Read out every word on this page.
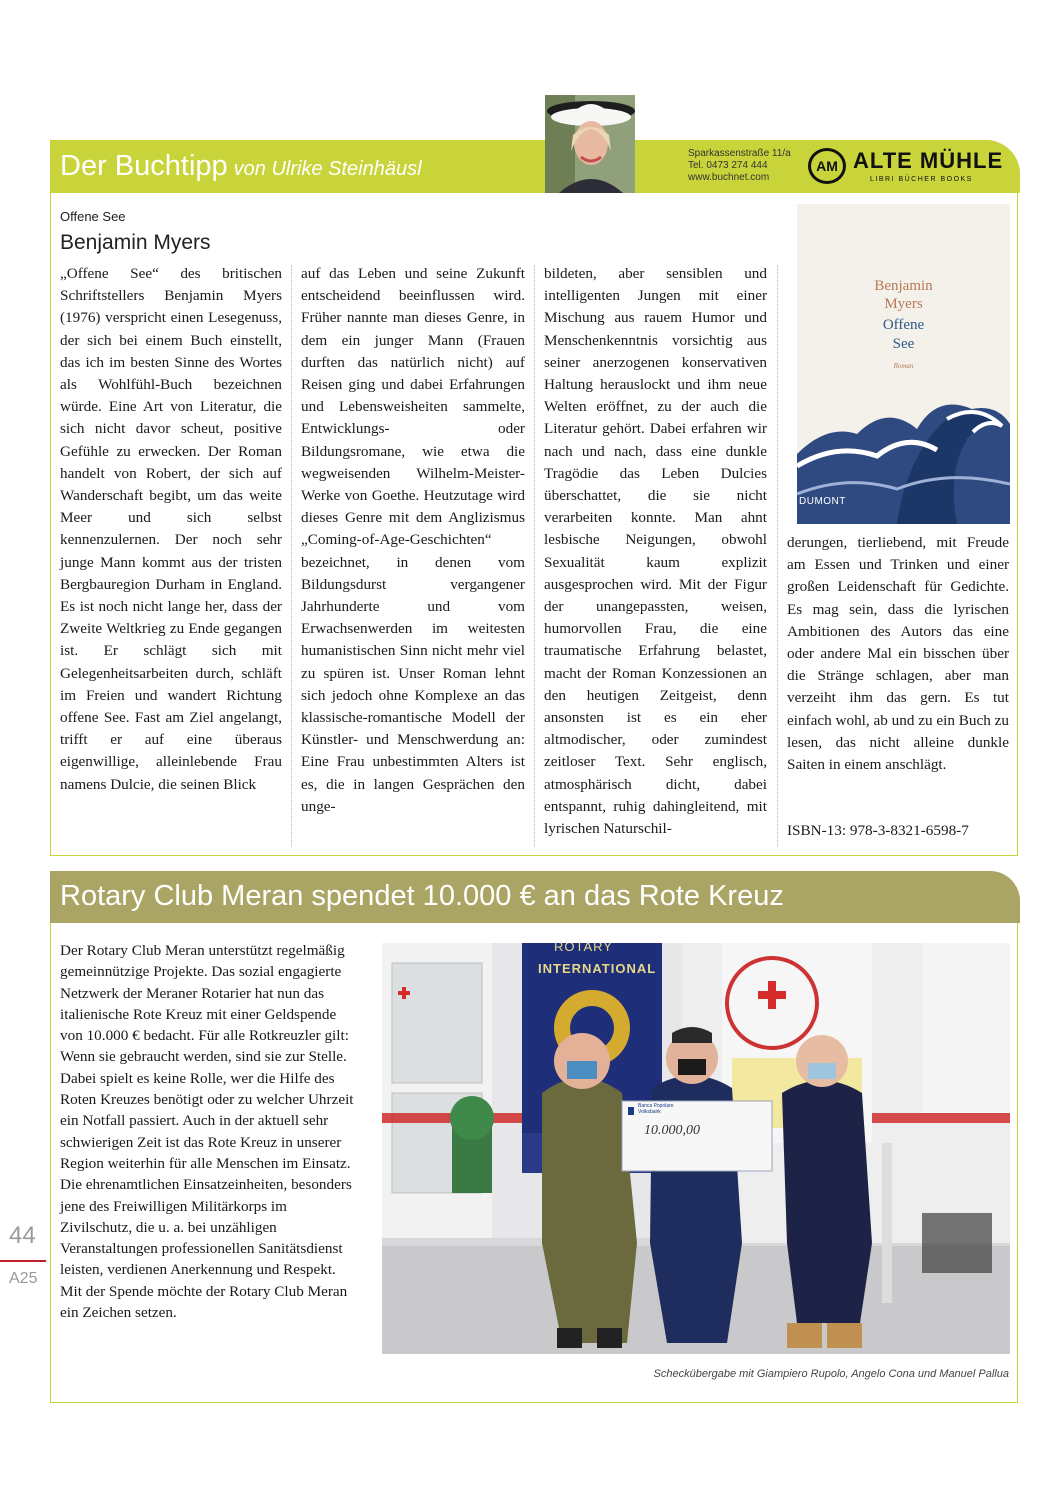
Der Buchtipp von Ulrike Steinhäusl
Sparkassenstraße 11/a
Tel. 0473 274 444
www.buchnet.com
AM ALTE MÜHLE
LIBRI BÜCHER BOOKS
Offene See
Benjamin Myers
„Offene See“ des britischen Schriftstellers Benjamin Myers (1976) verspricht einen Lesegenuss, der sich bei einem Buch einstellt, das ich im besten Sinne des Wortes als Wohlfühl-Buch bezeichnen würde. Eine Art von Literatur, die sich nicht davor scheut, positive Gefühle zu erwecken. Der Roman handelt von Robert, der sich auf Wanderschaft begibt, um das weite Meer und sich selbst kennenzulernen. Der noch sehr junge Mann kommt aus der tristen Bergbauregion Durham in England. Es ist noch nicht lange her, dass der Zweite Weltkrieg zu Ende gegangen ist. Er schlägt sich mit Gelegenheitsarbeiten durch, schläft im Freien und wandert Richtung offene See. Fast am Ziel angelangt, trifft er auf eine überaus eigenwillige, alleinlebende Frau namens Dulcie, die seinen Blick
auf das Leben und seine Zukunft entscheidend beeinflussen wird. Früher nannte man dieses Genre, in dem ein junger Mann (Frauen durften das natürlich nicht) auf Reisen ging und dabei Erfahrungen und Lebensweisheiten sammelte, Entwicklungs- oder Bildungsromane, wie etwa die wegweisenden Wilhelm-Meister-Werke von Goethe. Heutzutage wird dieses Genre mit dem Anglizismus „Coming-of-Age-Geschichten“ bezeichnet, in denen vom Bildungsdurst vergangener Jahrhunderte und vom Erwachsenwerden im weitesten humanistischen Sinn nicht mehr viel zu spüren ist. Unser Roman lehnt sich jedoch ohne Komplexe an das klassische-romantische Modell der Künstler- und Menschwerdung an: Eine Frau unbestimmten Alters ist es, die in langen Gesprächen den unge-
bildeten, aber sensiblen und intelligenten Jungen mit einer Mischung aus rauem Humor und Menschenkenntnis vorsichtig aus seiner anerzogenen konservativen Haltung herauslockt und ihm neue Welten eröffnet, zu der auch die Literatur gehört. Dabei erfahren wir nach und nach, dass eine dunkle Tragödie das Leben Dulcies überschattet, die sie nicht verarbeiten konnte. Man ahnt lesbische Neigungen, obwohl Sexualität kaum explizit ausgesprochen wird. Mit der Figur der unangepassten, weisen, humorvollen Frau, die eine traumatische Erfahrung belastet, macht der Roman Konzessionen an den heutigen Zeitgeist, denn ansonsten ist es ein eher altmodischer, oder zumindest zeitloser Text. Sehr englisch, atmosphärisch dicht, dabei entspannt, ruhig dahingleitend, mit lyrischen Naturschil-
derungen, tierliebend, mit Freude am Essen und Trinken und einer großen Leidenschaft für Gedichte. Es mag sein, dass die lyrischen Ambitionen des Autors das eine oder andere Mal ein bisschen über die Stränge schlagen, aber man verzeiht ihm das gern. Es tut einfach wohl, ab und zu ein Buch zu lesen, das nicht alleine dunkle Saiten in einem anschlägt.
Benjamin
Myers
Offene
See
Roman
DUMONT
ISBN-13: 978-3-8321-6598-7
Rotary Club Meran spendet 10.000 € an das Rote Kreuz
Der Rotary Club Meran unterstützt regelmäßig gemeinnützige Projekte. Das sozial engagierte Netzwerk der Meraner Rotarier hat nun das italienische Rote Kreuz mit einer Geldspende von 10.000 € bedacht. Für alle Rotkreuzler gilt: Wenn sie gebraucht werden, sind sie zur Stelle. Dabei spielt es keine Rolle, wer die Hilfe des Roten Kreuzes benötigt oder zu welcher Uhrzeit ein Notfall passiert. Auch in der aktuell sehr schwierigen Zeit ist das Rote Kreuz in unserer Region weiterhin für alle Menschen im Einsatz. Die ehrenamtlichen Einsatzeinheiten, besonders jene des Freiwilligen Militärkorps im Zivilschutz, die u. a. bei unzähligen Veranstaltungen professionellen Sanitätsdienst leisten, verdienen Anerkennung und Respekt. Mit der Spende möchte der Rotary Club Meran ein Zeichen setzen.
ROTARY
INTERNATIONAL
Banca Popolare Volksbank
10.000,00
Scheckübergabe mit Giampiero Rupolo, Angelo Cona und Manuel Pallua
44
A25
